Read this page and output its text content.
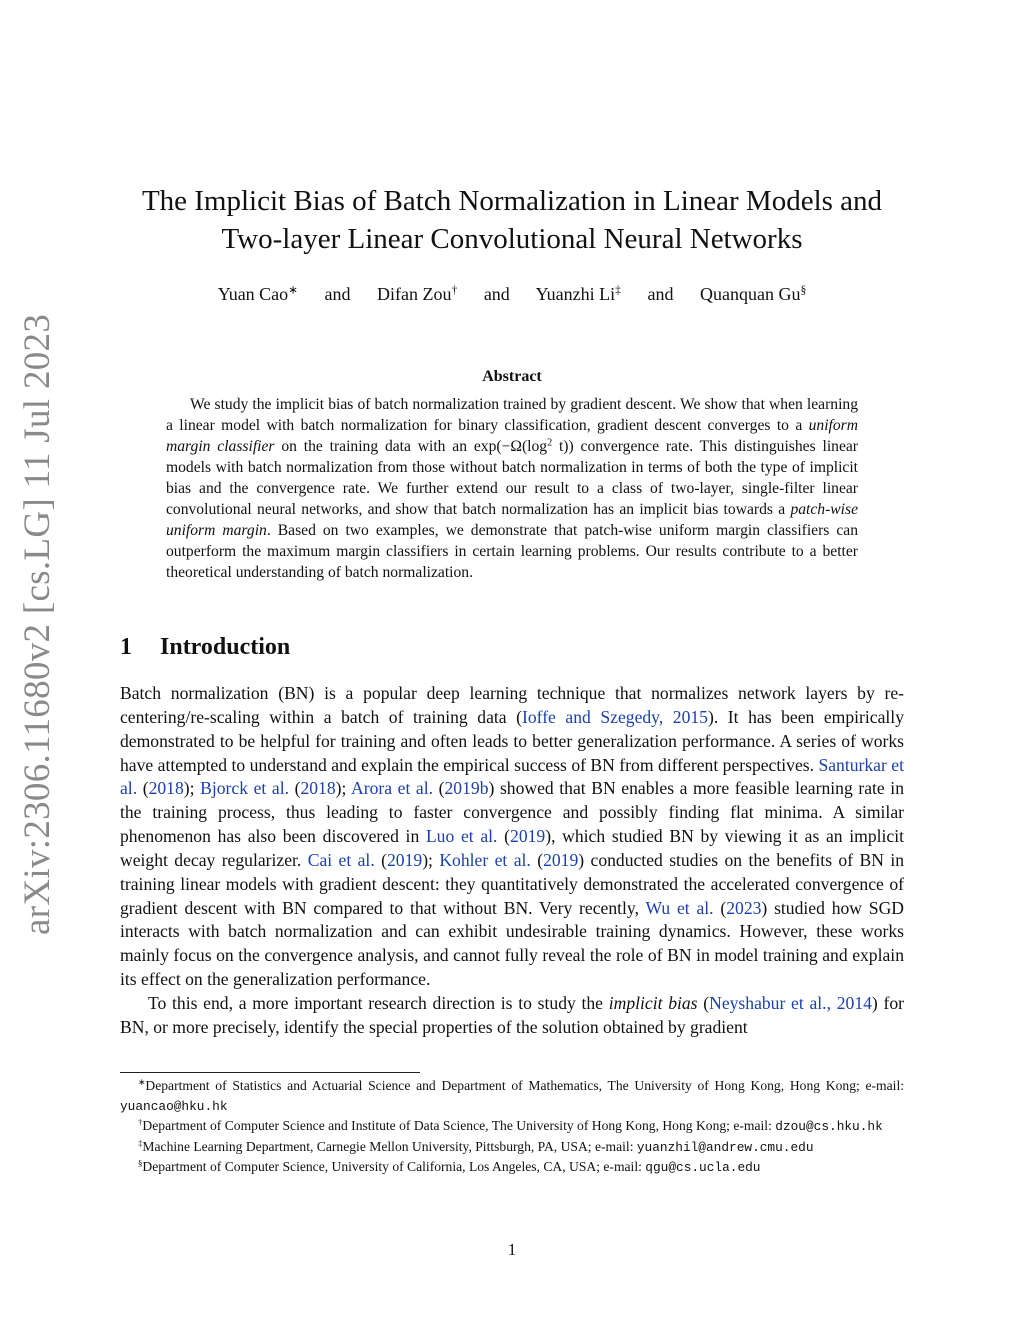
arXiv:2306.11680v2 [cs.LG] 11 Jul 2023
The Implicit Bias of Batch Normalization in Linear Models and
Two-layer Linear Convolutional Neural Networks
Yuan Cao∗ and Difan Zou† and Yuanzhi Li‡ and Quanquan Gu§
Abstract

We study the implicit bias of batch normalization trained by gradient descent. We show that when learning a linear model with batch normalization for binary classification, gradient descent converges to a uniform margin classifier on the training data with an $\exp(-\Omega(\log^2$ t)) convergence rate. This distinguishes linear models with batch normalization from those without batch normalization in terms of both the type of implicit bias and the convergence rate. We further extend our result to a class of two-layer, single-filter linear convolutional neural networks, and show that batch normalization has an implicit bias towards a patch-wise uniform margin. Based on two examples, we demonstrate that patch-wise uniform margin classifiers can outperform the maximum margin classifiers in certain learning problems. Our results contribute to a better theoretical understanding of batch normalization.

1 Introduction

Batch normalization (BN) is a popular deep learning technique that normalizes network layers by re-centering/re-scaling within a batch of training data (Ioffe and Szegedy, 2015). It has been empirically demonstrated to be helpful for training and often leads to better generalization performance. A series of works have attempted to understand and explain the empirical success of BN from different perspectives. Santurkar et al. (2018); Bjorck et al. (2018); Arora et al. (2019b) showed that BN enables a more feasible learning rate in the training process, thus leading to faster convergence and possibly finding flat minima. A similar phenomenon has also been discovered in Luo et al. (2019), which studied BN by viewing it as an implicit weight decay regularizer. Cai et al. (2019); Kohler et al. (2019) conducted studies on the benefits of BN in training linear models with gradient descent: they quantitatively demonstrated the accelerated convergence of gradient descent with BN compared to that without BN. Very recently, Wu et al. (2023) studied how SGD interacts with batch normalization and can exhibit undesirable training dynamics. However, these works mainly focus on the convergence analysis, and cannot fully reveal the role of BN in model training and explain its effect on the generalization performance.

To this end, a more important research direction is to study the implicit bias (Neyshabur et al., 2014) for BN, or more precisely, identify the special properties of the solution obtained by gradient

∗Department of Statistics and Actuarial Science and Department of Mathematics, The University of Hong Kong, Hong Kong; e-mail: yuancao@hku.hk

†Department of Computer Science and Institute of Data Science, The University of Hong Kong, Hong Kong; e-mail: dzou@cs.hku.hk

‡Machine Learning Department, Carnegie Mellon University, Pittsburgh, PA, USA; e-mail: yuanzhil@andrew.cmu.edu

§Department of Computer Science, University of California, Los Angeles, CA, USA; e-mail: qgu@cs.ucla.edu

1
